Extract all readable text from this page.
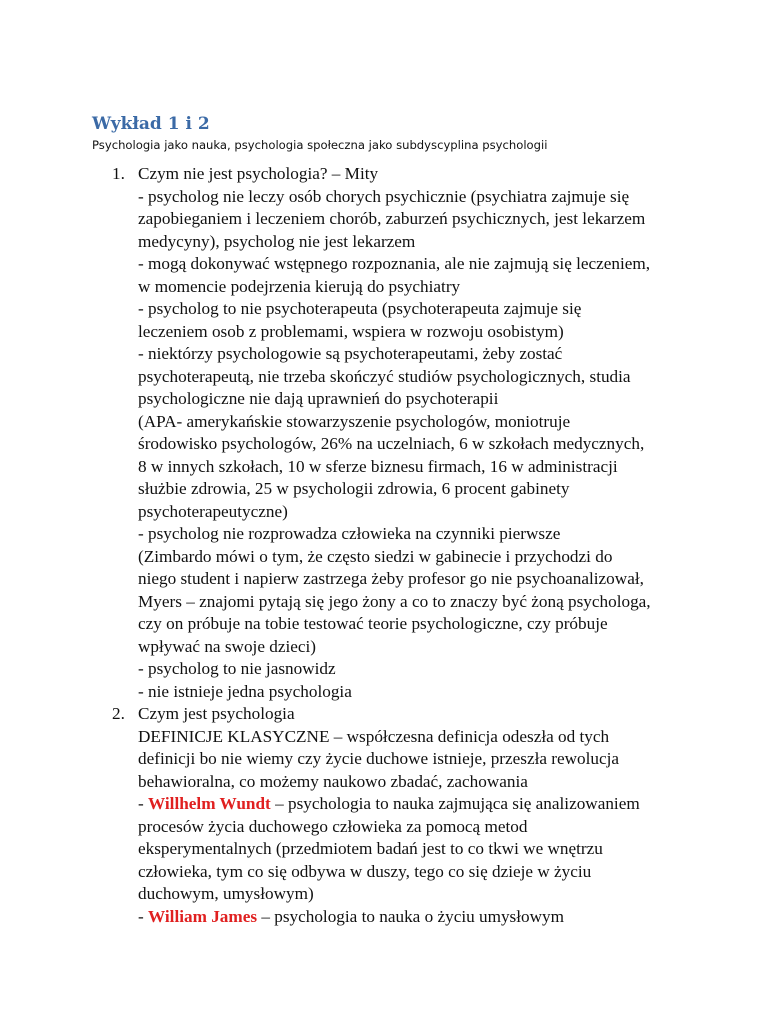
Wykład 1 i 2

Psychologia jako nauka, psychologia społeczna jako subdyscyplina psychologii

1. Czym nie jest psychologia? – Mity
- psycholog nie leczy osób chorych psychicznie (psychiatra zajmuje się
zapobieganiem i leczeniem chorób, zaburzeń psychicznych, jest lekarzem
medycyny), psycholog nie jest lekarzem
- mogą dokonywać wstępnego rozpoznania, ale nie zajmują się leczeniem,
w momencie podejrzenia kierują do psychiatry
- psycholog to nie psychoterapeuta (psychoterapeuta zajmuje się
leczeniem osob z problemami, wspiera w rozwoju osobistym)
- niektórzy psychologowie są psychoterapeutami, żeby zostać
psychoterapeutą, nie trzeba skończyć studiów psychologicznych, studia
psychologiczne nie dają uprawnień do psychoterapii
(APA- amerykańskie stowarzyszenie psychologów, moniotruje
środowisko psychologów, 26% na uczelniach, 6 w szkołach medycznych,
8 w innych szkołach, 10 w sferze biznesu firmach, 16 w administracji
służbie zdrowia, 25 w psychologii zdrowia, 6 procent gabinety
psychoterapeutyczne)
- psycholog nie rozprowadza człowieka na czynniki pierwsze
(Zimbardo mówi o tym, że często siedzi w gabinecie i przychodzi do
niego student i napierw zastrzega żeby profesor go nie psychoanalizował,
Myers – znajomi pytają się jego żony a co to znaczy być żoną psychologa,
czy on próbuje na tobie testować teorie psychologiczne, czy próbuje
wpływać na swoje dzieci)
- psycholog to nie jasnowidz
- nie istnieje jedna psychologia
2. Czym jest psychologia
DEFINICJE KLASYCZNE – współczesna definicja odeszła od tych
definicji bo nie wiemy czy życie duchowe istnieje, przeszła rewolucja
behawioralna, co możemy naukowo zbadać, zachowania
- Willhelm Wundt – psychologia to nauka zajmująca się analizowaniem
procesów życia duchowego człowieka za pomocą metod
eksperymentalnych (przedmiotem badań jest to co tkwi we wnętrzu
człowieka, tym co się odbywa w duszy, tego co się dzieje w życiu
duchowym, umysłowym)
- William James – psychologia to nauka o życiu umysłowym
